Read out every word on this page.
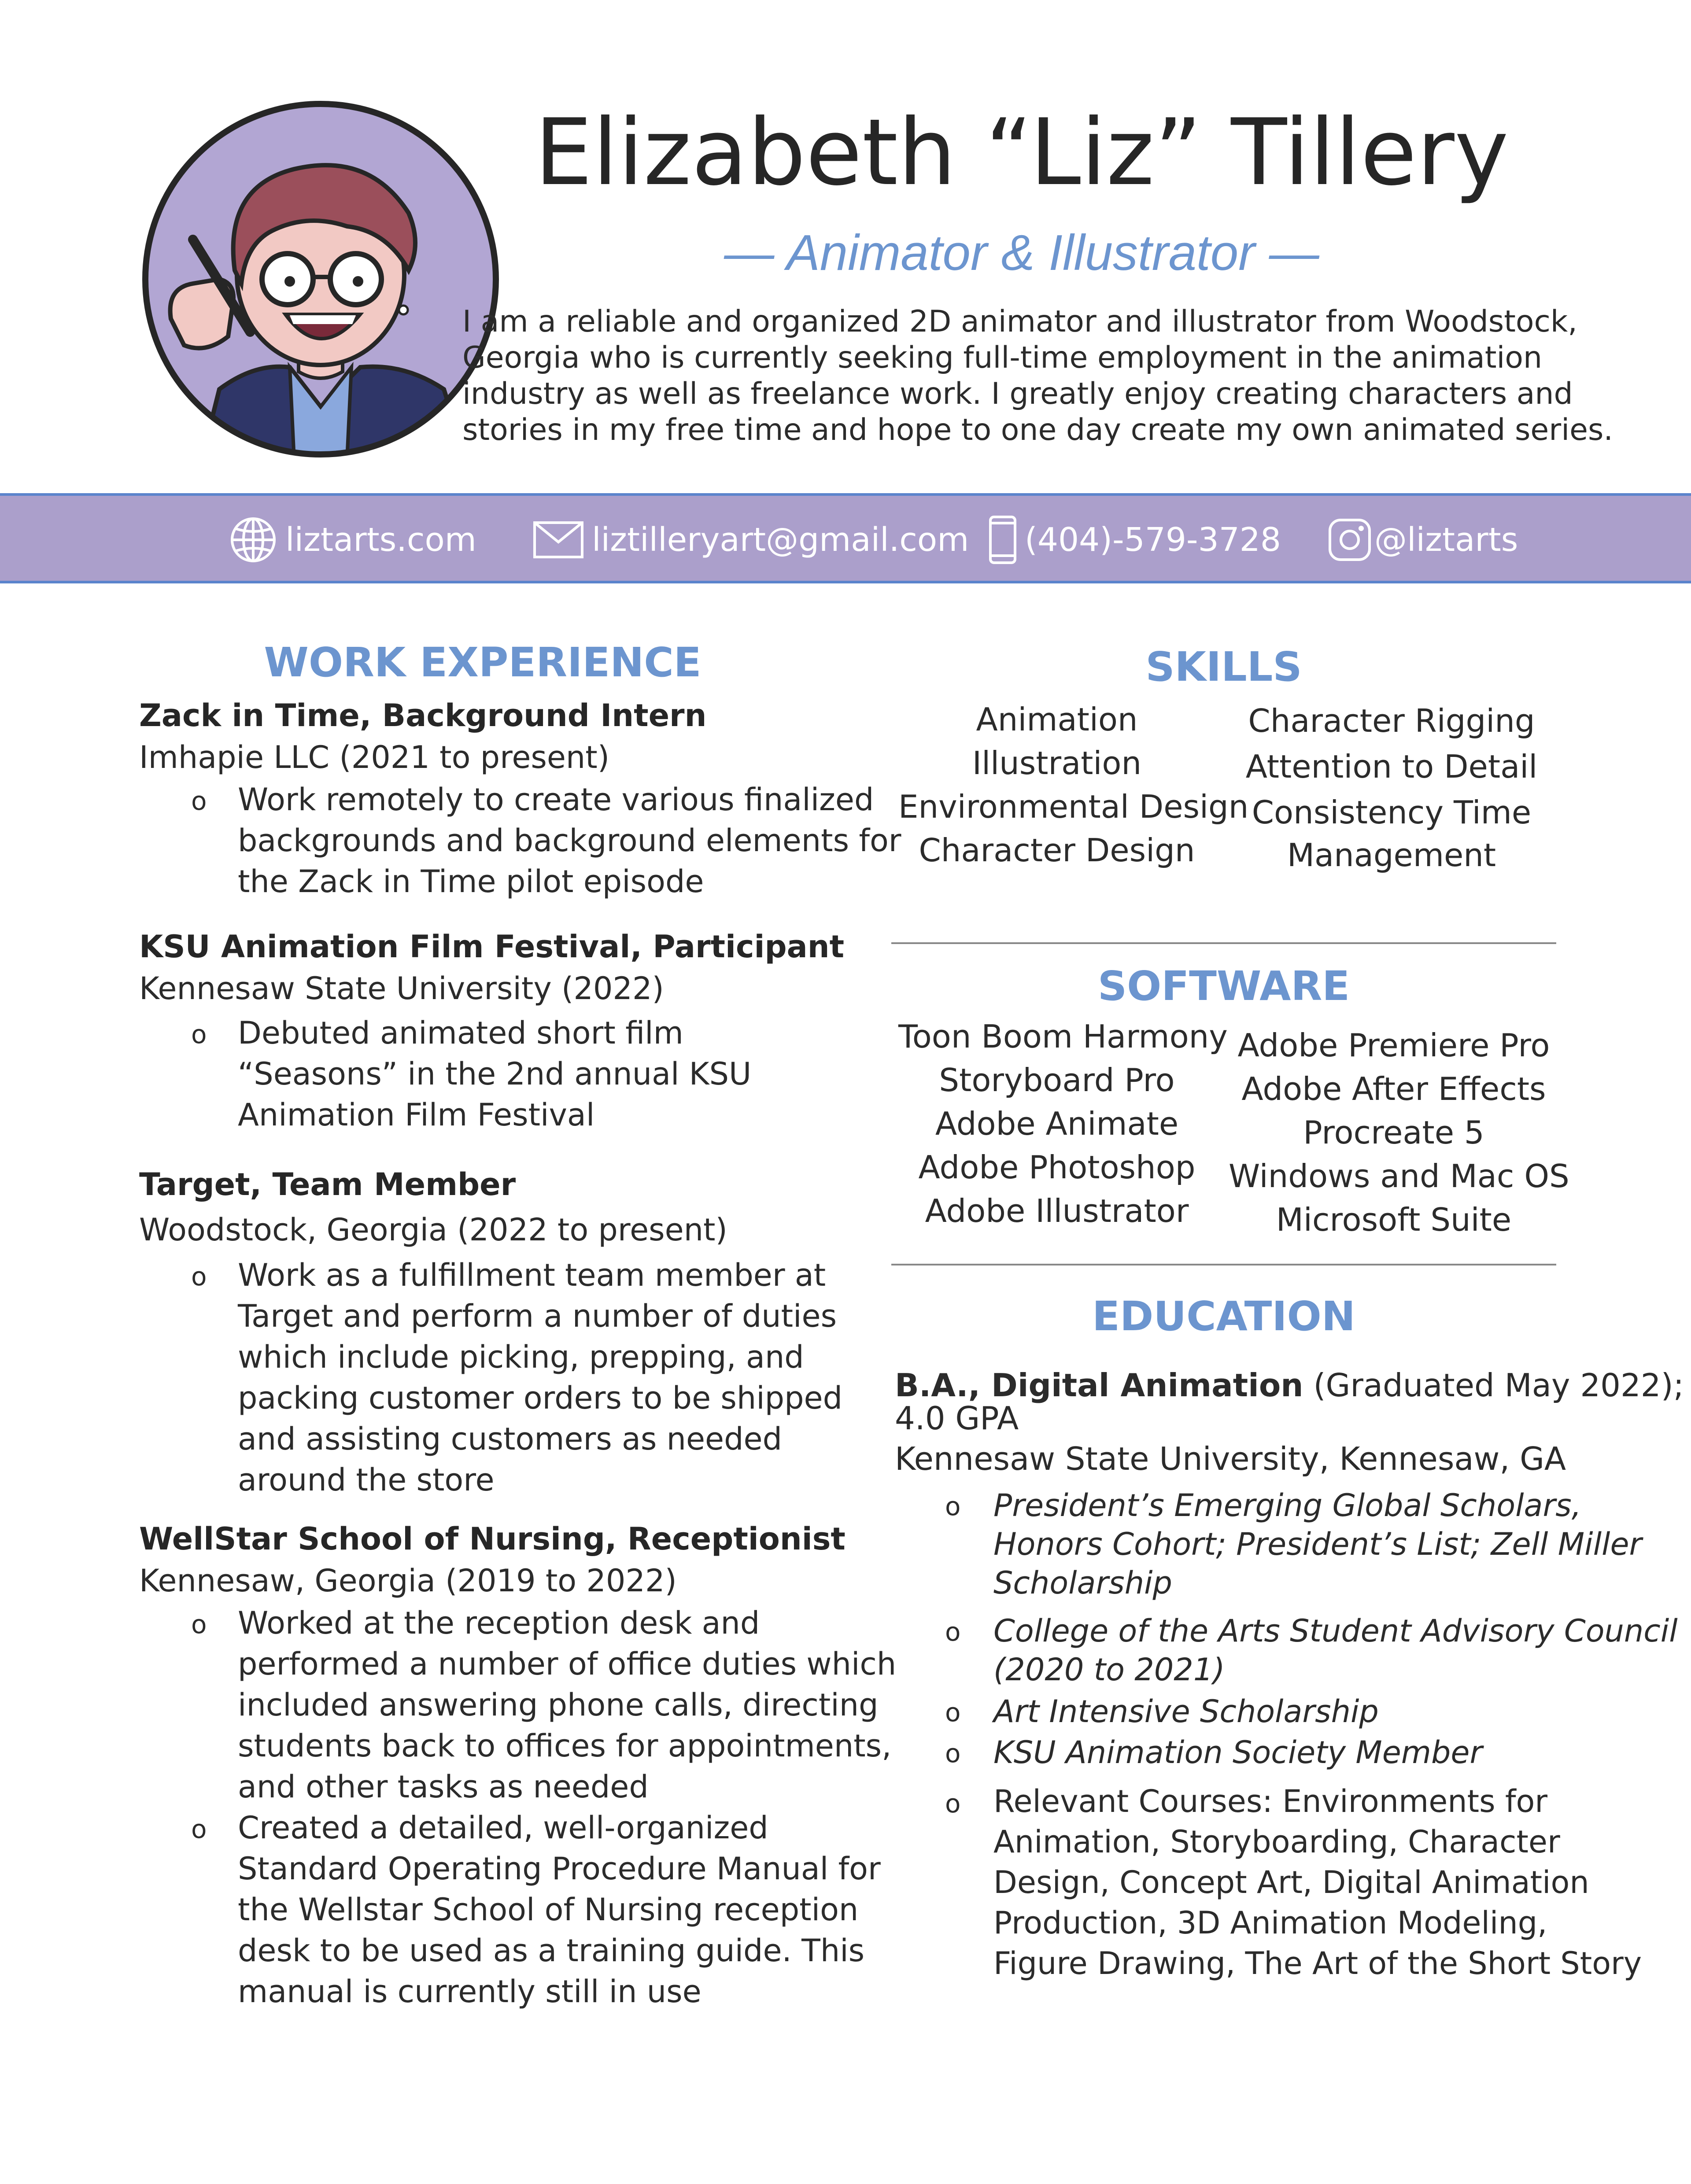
Elizabeth “Liz” Tillery
— Animator & Illustrator —
I am a reliable and organized 2D animator and illustrator from Woodstock,
Georgia who is currently seeking full-time employment in the animation
industry as well as freelance work. I greatly enjoy creating characters and
stories in my free time and hope to one day create my own animated series.
liztarts.com	liztilleryart@gmail.com (404)-579-3728	@liztarts
WORK EXPERIENCE
Zack in Time, Background Intern
Imhapie LLC (2021 to present)
o Work remotely to create various finalized
backgrounds and background elements for
the Zack in Time pilot episode
KSU Animation Film Festival, Participant
Kennesaw State University (2022)
o Debuted animated short film
“Seasons” in the 2nd annual KSU
Animation Film Festival
Target, Team Member
Woodstock, Georgia (2022 to present)
o Work as a fulfillment team member at
Target and perform a number of duties
which include picking, prepping, and
packing customer orders to be shipped
and assisting customers as needed
around the store
WellStar School of Nursing, Receptionist
Kennesaw, Georgia (2019 to 2022)
o Worked at the reception desk and
performed a number of office duties which
included answering phone calls, directing
students back to offices for appointments,
and other tasks as needed
o Created a detailed, well-organized
Standard Operating Procedure Manual for
the Wellstar School of Nursing reception
desk to be used as a training guide. This
manual is currently still in use
SKILLS
Animation
Illustration
Environmental Design
Character Design
Character Rigging
Attention to Detail
Consistency Time
Management
SOFTWARE
Toon Boom Harmony
Storyboard Pro
Adobe Animate
Adobe Photoshop
Adobe Illustrator
Adobe Premiere Pro
Adobe After Effects
Procreate 5
Windows and Mac OS
Microsoft Suite
EDUCATION
B.A., Digital Animation (Graduated May 2022);
4.0 GPA
Kennesaw State University, Kennesaw, GA
o President’s Emerging Global Scholars,
Honors Cohort; President’s List; Zell Miller
Scholarship
o College of the Arts Student Advisory Council
(2020 to 2021)
o Art Intensive Scholarship
o KSU Animation Society Member
o Relevant Courses: Environments for
Animation, Storyboarding, Character
Design, Concept Art, Digital Animation
Production, 3D Animation Modeling,
Figure Drawing, The Art of the Short Story
